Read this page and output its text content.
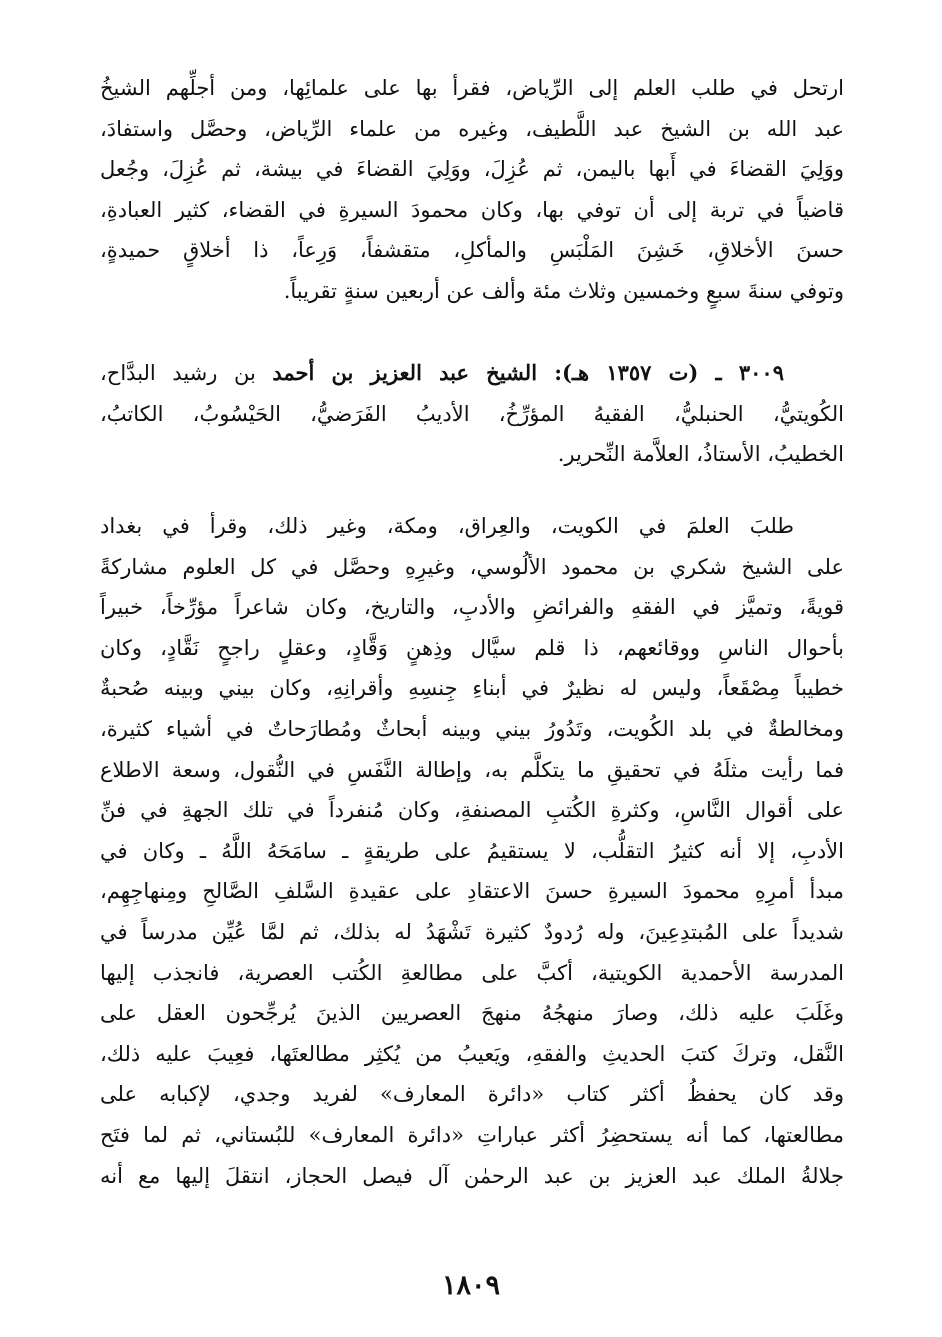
ارتحل في طلب العلم إلى الرِّياض، فقرأ بها على علمائِها، ومن أجلِّهم الشيخُ
عبد الله بن الشيخ عبد اللَّطيف، وغيره من علماء الرِّياض، وحصَّل واستفادَ،
ووَلِيَ القضاءَ في أَبها باليمن، ثم عُزِلَ، ووَلِيَ القضاءَ في بيشة، ثم عُزِلَ، وجُعل
قاضياً في تربة إلى أن توفي بها، وكان محمودَ السيرةِ في القضاء، كثير العبادةِ،
حسنَ الأخلاقِ، خَشِنَ المَلْبَسِ والمأكلِ، متقشفاً، وَرِعاً، ذا أخلاقٍ حميدةٍ،
وتوفي سنةَ سبعٍ وخمسين وثلاث مئة وألف عن أربعين سنةٍ تقريباً.
٣٠٠٩ ـ (ت ١٣٥٧ هـ): الشيخ عبد العزيز بن أحمد بن رشيد البدَّاح،
الكُويتيُّ، الحنبليُّ، الفقيهُ المؤرِّخُ، الأديبُ الفَرَضيُّ، الحَيْسُوبُ، الكاتبُ،
الخطيبُ، الأستاذُ، العلاَّمة النِّحرير.
طلبَ العلمَ في الكويت، والعِراق، ومكة، وغير ذلك، وقرأ في بغداد
على الشيخ شكري بن محمود الألُوسي، وغيرِهِ وحصَّل في كل العلوم مشاركةً
قويةً، وتميَّز في الفقهِ والفرائضِ والأدبِ، والتاريخ، وكان شاعراً مؤرِّخاً، خبيراً
بأحوال الناسِ ووقائعهم، ذا قلم سيَّال وذِهنٍ وَقَّادٍ، وعقلٍ راجحٍ نَقَّادٍ، وكان
خطيباً مِصْقَعاً، وليس له نظيرٌ في أبناءِ جِنسِهِ وأقرانِهِ، وكان بيني وبينه صُحبةٌ
ومخالطةٌ في بلد الكُويت، وتَدُورُ بيني وبينه أبحاثٌ ومُطارَحاتٌ في أشياء كثيرة،
فما رأيت مثلَهُ في تحقيقِ ما يتكلَّم به، وإطالة النَّفَسِ في النُّقول، وسعة الاطلاع
على أقوال النَّاسِ، وكثرةِ الكُتبِ المصنفةِ، وكان مُنفرداً في تلك الجهةِ في فنِّ
الأدبِ، إلا أنه كثيرُ التقلُّب، لا يستقيمُ على طريقةٍ ـ سامَحَهُ اللَّهُ ـ وكان في
مبدأ أمرِهِ محمودَ السيرةِ حسنَ الاعتقادِ على عقيدةِ السَّلفِ الصَّالحِ ومِنهاجِهِم،
شديداً على المُبتدِعِينَ، وله رُدودٌ كثيرة تَشْهَدُ له بذلك، ثم لمَّا عُيِّن مدرساً في
المدرسة الأحمدية الكويتية، أكبَّ على مطالعةِ الكُتب العصرية، فانجذب إليها
وغَلَبَ عليه ذلك، وصارَ منهجُهُ منهجَ العصريين الذينَ يُرجِّحون العقل على
النَّقل، وتركَ كتبَ الحديثِ والفقهِ، ويَعيبُ من يُكثِر مطالعتَها، فعِيبَ عليه ذلك،
وقد كان يحفظُ أكثر كتاب «دائرة المعارف» لفريد وجدي، لإكبابه على
مطالعتها، كما أنه يستحضِرُ أكثر عباراتِ «دائرة المعارف» للبُستاني، ثم لما فتَح
جلالةُ الملك عبد العزيز بن عبد الرحمٰن آل فيصل الحجاز، انتقلَ إليها مع أنه
١٨٠٩
